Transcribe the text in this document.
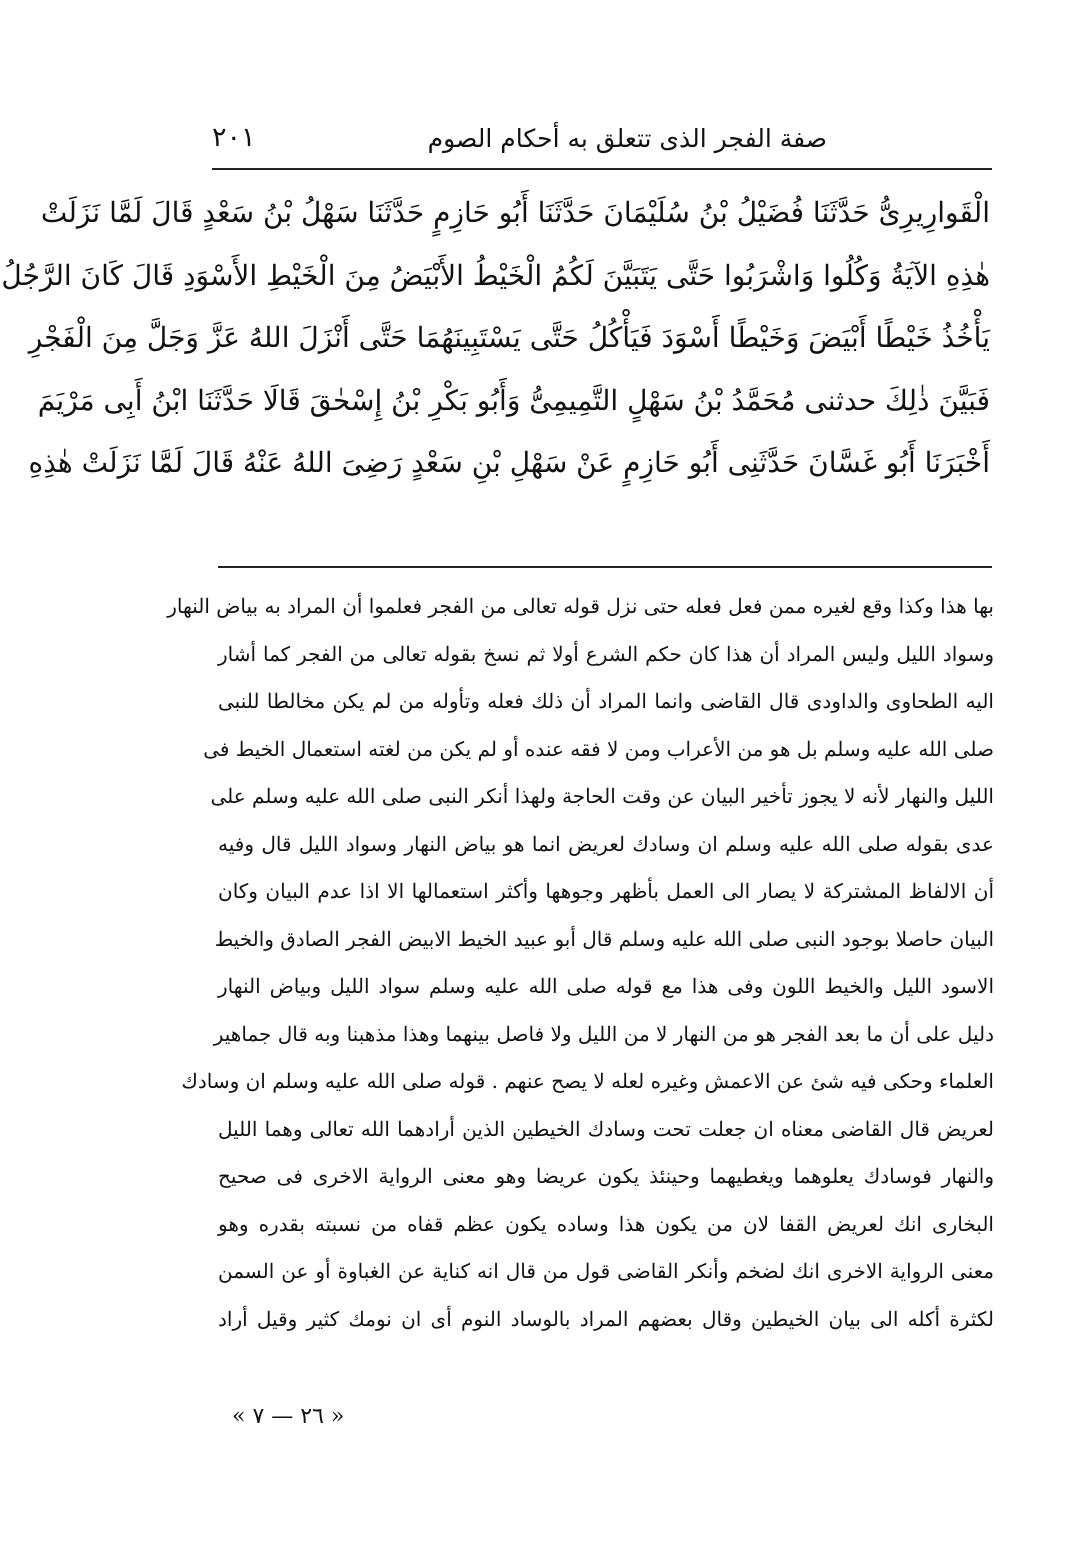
صفة الفجر الذى تتعلق به أحكام الصوم
٢٠١
الْقَوارِيرِىُّ حَدَّثَنَا فُضَيْلُ بْنُ سُلَيْمَانَ حَدَّثَنَا أَبُو حَازِمٍ حَدَّثَنَا سَهْلُ بْنُ سَعْدٍ قَالَ لَمَّا نَزَلَتْ
هٰذِهِ الآيَةُ وَكُلُوا وَاشْرَبُوا حَتَّى يَتَبَيَّنَ لَكُمُ الْخَيْطُ الأَبْيَضُ مِنَ الْخَيْطِ الأَسْوَدِ قَالَ كَانَ الرَّجُلُ
يَأْخُذُ خَيْطًا أَبْيَضَ وَخَيْطًا أَسْوَدَ فَيَأْكُلُ حَتَّى يَسْتَبِينَهُمَا حَتَّى أَنْزَلَ اللهُ عَزَّ وَجَلَّ مِنَ الْفَجْرِ
فَبَيَّنَ ذٰلِكَ حدثنى مُحَمَّدُ بْنُ سَهْلٍ التَّمِيمِىُّ وَأَبُو بَكْرِ بْنُ إِسْحٰقَ قَالَا حَدَّثَنَا ابْنُ أَبِى مَرْيَمَ
أَخْبَرَنَا أَبُو غَسَّانَ حَدَّثَنِى أَبُو حَازِمٍ عَنْ سَهْلِ بْنِ سَعْدٍ رَضِىَ اللهُ عَنْهُ قَالَ لَمَّا نَزَلَتْ هٰذِهِ
بها هذا وكذا وقع لغيره ممن فعل فعله حتى نزل قوله تعالى من الفجر فعلموا أن المراد به بياض النهار
وسواد الليل وليس المراد أن هذا كان حكم الشرع أولا ثم نسخ بقوله تعالى من الفجر كما أشار
اليه الطحاوى والداودى قال القاضى وانما المراد أن ذلك فعله وتأوله من لم يكن مخالطا للنبى
صلى الله عليه وسلم بل هو من الأعراب ومن لا فقه عنده أو لم يكن من لغته استعمال الخيط فى
الليل والنهار لأنه لا يجوز تأخير البيان عن وقت الحاجة ولهذا أنكر النبى صلى الله عليه وسلم على
عدى بقوله صلى الله عليه وسلم ان وسادك لعريض انما هو بياض النهار وسواد الليل قال وفيه
أن الالفاظ المشتركة لا يصار الى العمل بأظهر وجوهها وأكثر استعمالها الا اذا عدم البيان وكان
البيان حاصلا بوجود النبى صلى الله عليه وسلم قال أبو عبيد الخيط الابيض الفجر الصادق والخيط
الاسود الليل والخيط اللون وفى هذا مع قوله صلى الله عليه وسلم سواد الليل وبياض النهار
دليل على أن ما بعد الفجر هو من النهار لا من الليل ولا فاصل بينهما وهذا مذهبنا وبه قال جماهير
العلماء وحكى فيه شئ عن الاعمش وغيره لعله لا يصح عنهم . قوله صلى الله عليه وسلم ان وسادك
لعريض قال القاضى معناه ان جعلت تحت وسادك الخيطين الذين أرادهما الله تعالى وهما الليل
والنهار فوسادك يعلوهما ويغطيهما وحينئذ يكون عريضا وهو معنى الرواية الاخرى فى صحيح
البخارى انك لعريض القفا لان من يكون هذا وساده يكون عظم قفاه من نسبته بقدره وهو
معنى الرواية الاخرى انك لضخم وأنكر القاضى قول من قال انه كناية عن الغباوة أو عن السمن
لكثرة أكله الى بيان الخيطين وقال بعضهم المراد بالوساد النوم أى ان نومك كثير وقيل أراد
« ٢٦ — ٧ »
